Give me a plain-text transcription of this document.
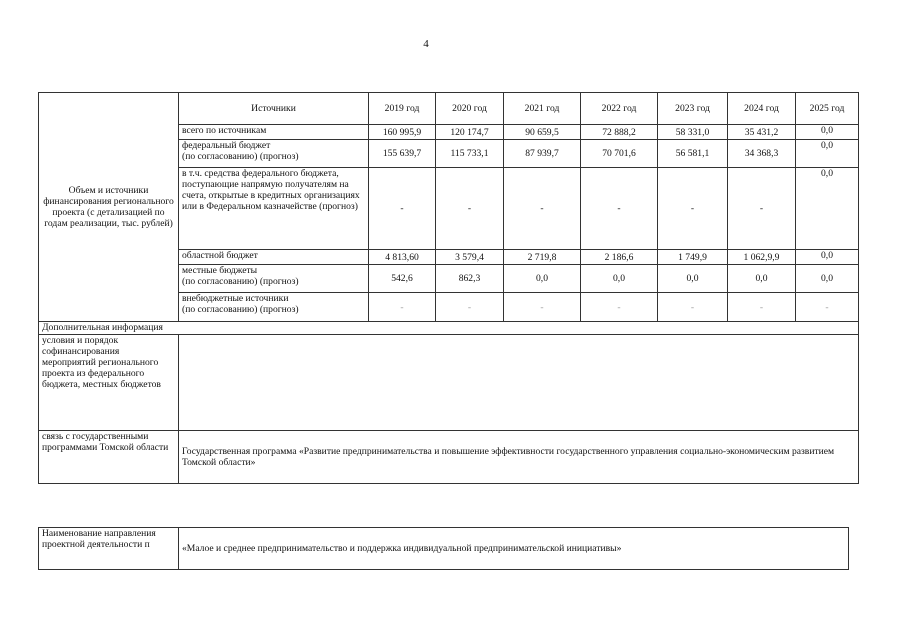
4
Объем и источники финансирования регионального проекта (с детализацией по годам реализации, тыс. рублей)	Источники	2019 год	2020 год	2021 год	2022 год	2023 год	2024 год	2025 год
	всего по источникам	160 995,9	120 174,7	90 659,5	72 888,2	58 331,0	35 431,2	0,0
	федеральный бюджет
(по согласованию) (прогноз)	155 639,7	115 733,1	87 939,7	70 701,6	56 581,1	34 368,3	0,0
	в т.ч. средства федерального бюджета, поступающие напрямую получателям на счета, открытые в кредитных организациях или в Федеральном казначействе (прогноз)	-	-	-	-	-	-	0,0
	областной бюджет	4 813,60	3 579,4	2 719,8	2 186,6	1 749,9	1 062,9,9	0,0
	местные бюджеты
(по согласованию) (прогноз)	542,6	862,3	0,0	0,0	0,0	0,0	0,0
	внебюджетные источники
(по согласованию) (прогноз)	-	-	-	-	-	-	-
Дополнительная информация								
условия и порядок софинансирования мероприятий регионального проекта из федерального бюджета, местных бюджетов								
связь с государственными программами Томской области	Государственная программа «Развитие предпринимательства и повышение эффективности государственного управления социально-экономическим развитием Томской области»							
Наименование направления проектной деятельности п	«Малое и среднее предпринимательство и поддержка индивидуальной предпринимательской инициативы»
